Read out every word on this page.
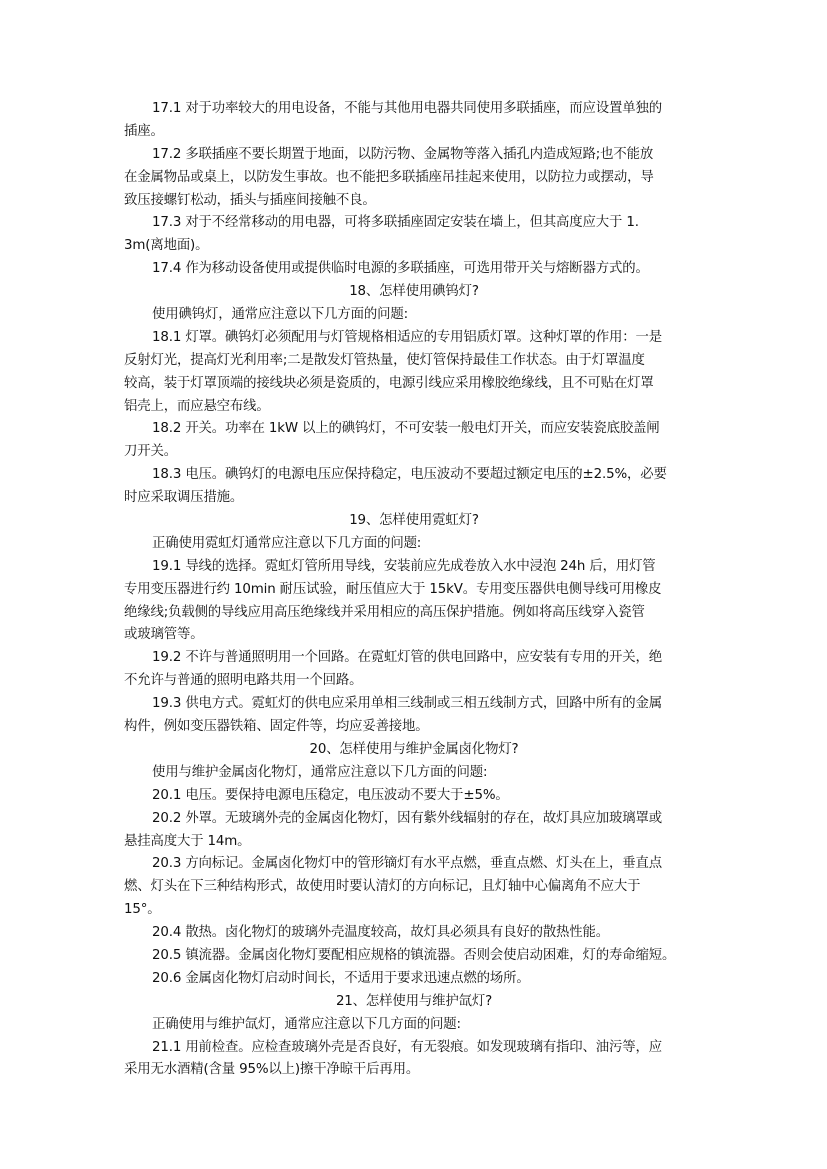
17.1 对于功率较大的用电设备，不能与其他用电器共同使用多联插座，而应设置单独的
插座。
17.2 多联插座不要长期置于地面，以防污物、金属物等落入插孔内造成短路;也不能放
在金属物品或桌上，以防发生事故。也不能把多联插座吊挂起来使用，以防拉力或摆动，导
致压接螺钉松动，插头与插座间接触不良。
17.3 对于不经常移动的用电器，可将多联插座固定安装在墙上，但其高度应大于 1.
3m(离地面)。
17.4 作为移动设备使用或提供临时电源的多联插座，可选用带开关与熔断器方式的。
18、怎样使用碘钨灯?
使用碘钨灯，通常应注意以下几方面的问题:
18.1 灯罩。碘钨灯必须配用与灯管规格相适应的专用铝质灯罩。这种灯罩的作用：一是
反射灯光，提高灯光利用率;二是散发灯管热量，使灯管保持最佳工作状态。由于灯罩温度
较高，装于灯罩顶端的接线块必须是瓷质的，电源引线应采用橡胶绝缘线，且不可贴在灯罩
铝壳上，而应悬空布线。
18.2 开关。功率在 1kW 以上的碘钨灯，不可安装一般电灯开关，而应安装瓷底胶盖闸
刀开关。
18.3 电压。碘钨灯的电源电压应保持稳定，电压波动不要超过额定电压的±2.5%，必要
时应采取调压措施。
19、怎样使用霓虹灯?
正确使用霓虹灯通常应注意以下几方面的问题:
19.1 导线的选择。霓虹灯管所用导线，安装前应先成卷放入水中浸泡 24h 后，用灯管
专用变压器进行约 10min 耐压试验，耐压值应大于 15kV。专用变压器供电侧导线可用橡皮
绝缘线;负载侧的导线应用高压绝缘线并采用相应的高压保护措施。例如将高压线穿入瓷管
或玻璃管等。
19.2 不许与普通照明用一个回路。在霓虹灯管的供电回路中，应安装有专用的开关，绝
不允许与普通的照明电路共用一个回路。
19.3 供电方式。霓虹灯的供电应采用单相三线制或三相五线制方式，回路中所有的金属
构件，例如变压器铁箱、固定件等，均应妥善接地。
20、怎样使用与维护金属卤化物灯?
使用与维护金属卤化物灯，通常应注意以下几方面的问题:
20.1 电压。要保持电源电压稳定，电压波动不要大于±5%。
20.2 外罩。无玻璃外壳的金属卤化物灯，因有紫外线辐射的存在，故灯具应加玻璃罩或
悬挂高度大于 14m。
20.3 方向标记。金属卤化物灯中的管形镝灯有水平点燃，垂直点燃、灯头在上，垂直点
燃、灯头在下三种结构形式，故使用时要认清灯的方向标记，且灯轴中心偏离角不应大于
15°。
20.4 散热。卤化物灯的玻璃外壳温度较高，故灯具必须具有良好的散热性能。
20.5 镇流器。金属卤化物灯要配相应规格的镇流器。否则会使启动困难，灯的寿命缩短。
20.6 金属卤化物灯启动时间长，不适用于要求迅速点燃的场所。
21、怎样使用与维护氙灯?
正确使用与维护氙灯，通常应注意以下几方面的问题:
21.1 用前检查。应检查玻璃外壳是否良好，有无裂痕。如发现玻璃有指印、油污等，应
采用无水酒精(含量 95%以上)擦干净晾干后再用。
